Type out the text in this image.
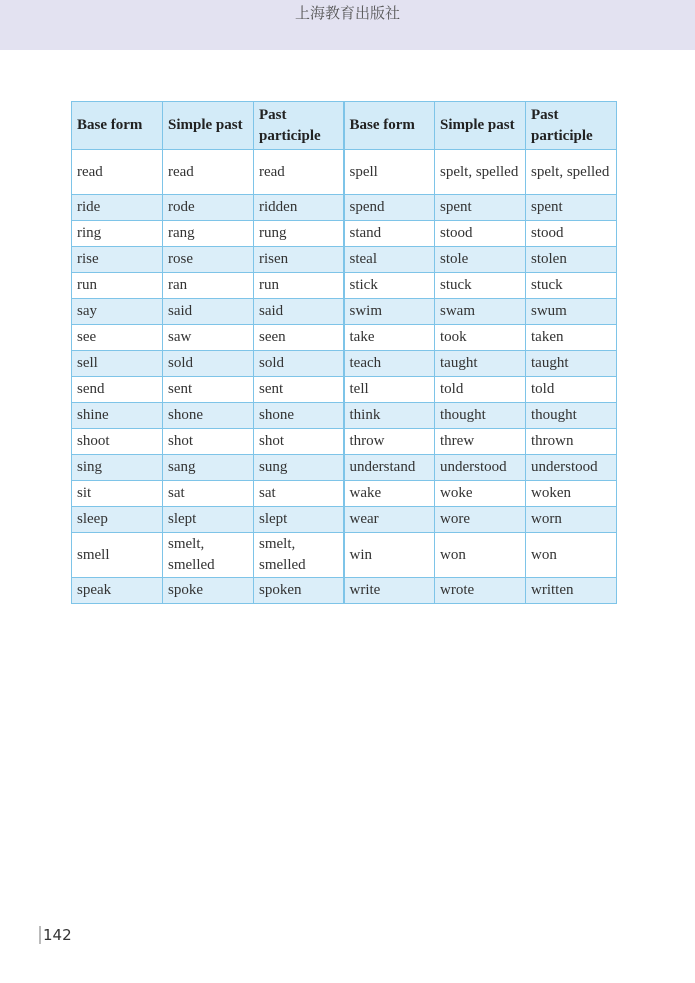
上海教育出版社
Base form	Simple past	Past participle	Base form	Simple past	Past participle
read	read	read	spell	spelt, spelled	spelt, spelled
ride	rode	ridden	spend	spent	spent
ring	rang	rung	stand	stood	stood
rise	rose	risen	steal	stole	stolen
run	ran	run	stick	stuck	stuck
say	said	said	swim	swam	swum
see	saw	seen	take	took	taken
sell	sold	sold	teach	taught	taught
send	sent	sent	tell	told	told
shine	shone	shone	think	thought	thought
shoot	shot	shot	throw	threw	thrown
sing	sang	sung	understand	understood	understood
sit	sat	sat	wake	woke	woken
sleep	slept	slept	wear	wore	worn
smell	smelt, smelled	smelt, smelled	win	won	won
speak	spoke	spoken	write	wrote	written
142
